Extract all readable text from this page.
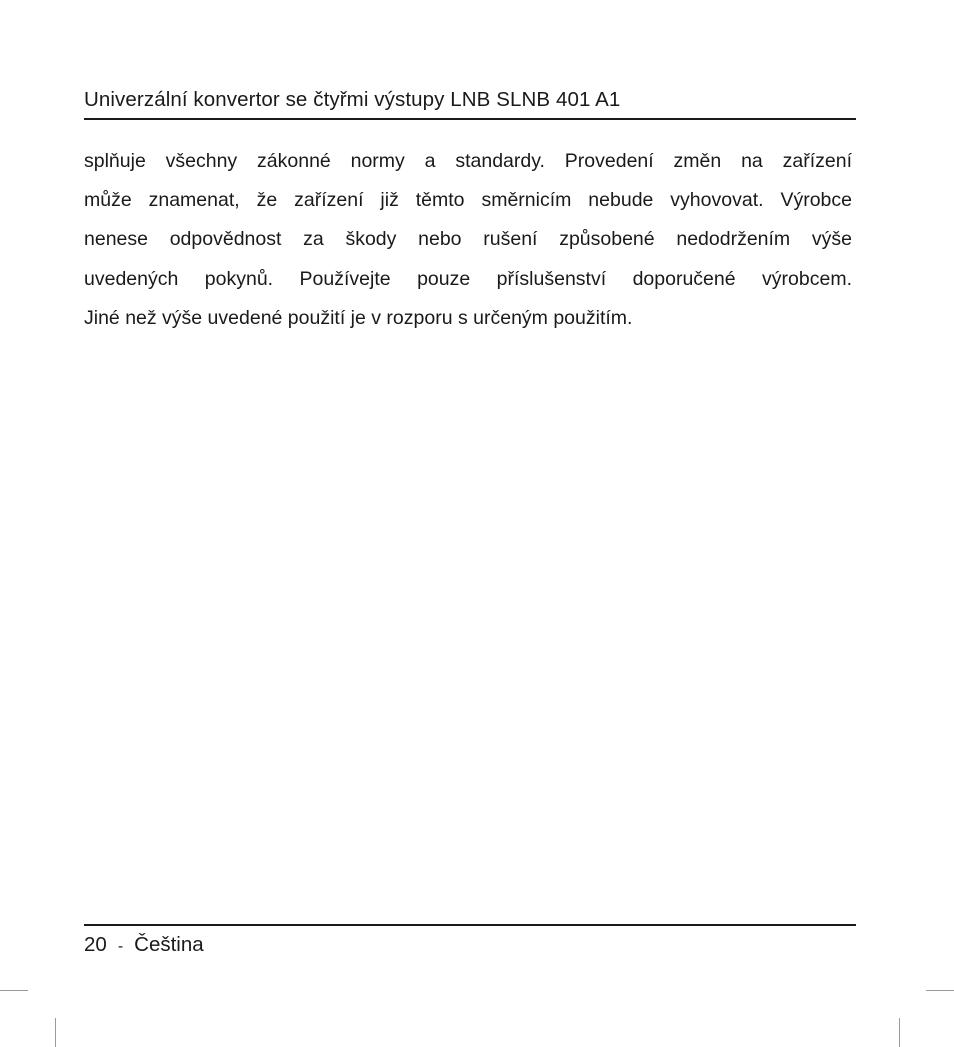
Univerzální konvertor se čtyřmi výstupy LNB SLNB 401 A1
splňuje všechny zákonné normy a standardy. Provedení změn na zařízení
může znamenat, že zařízení již těmto směrnicím nebude vyhovovat. Výrobce
nenese odpovědnost za škody nebo rušení způsobené nedodržením výše
uvedených pokynů. Používejte pouze příslušenství doporučené výrobcem.
Jiné než výše uvedené použití je v rozporu s určeným použitím.
20 - Čeština
